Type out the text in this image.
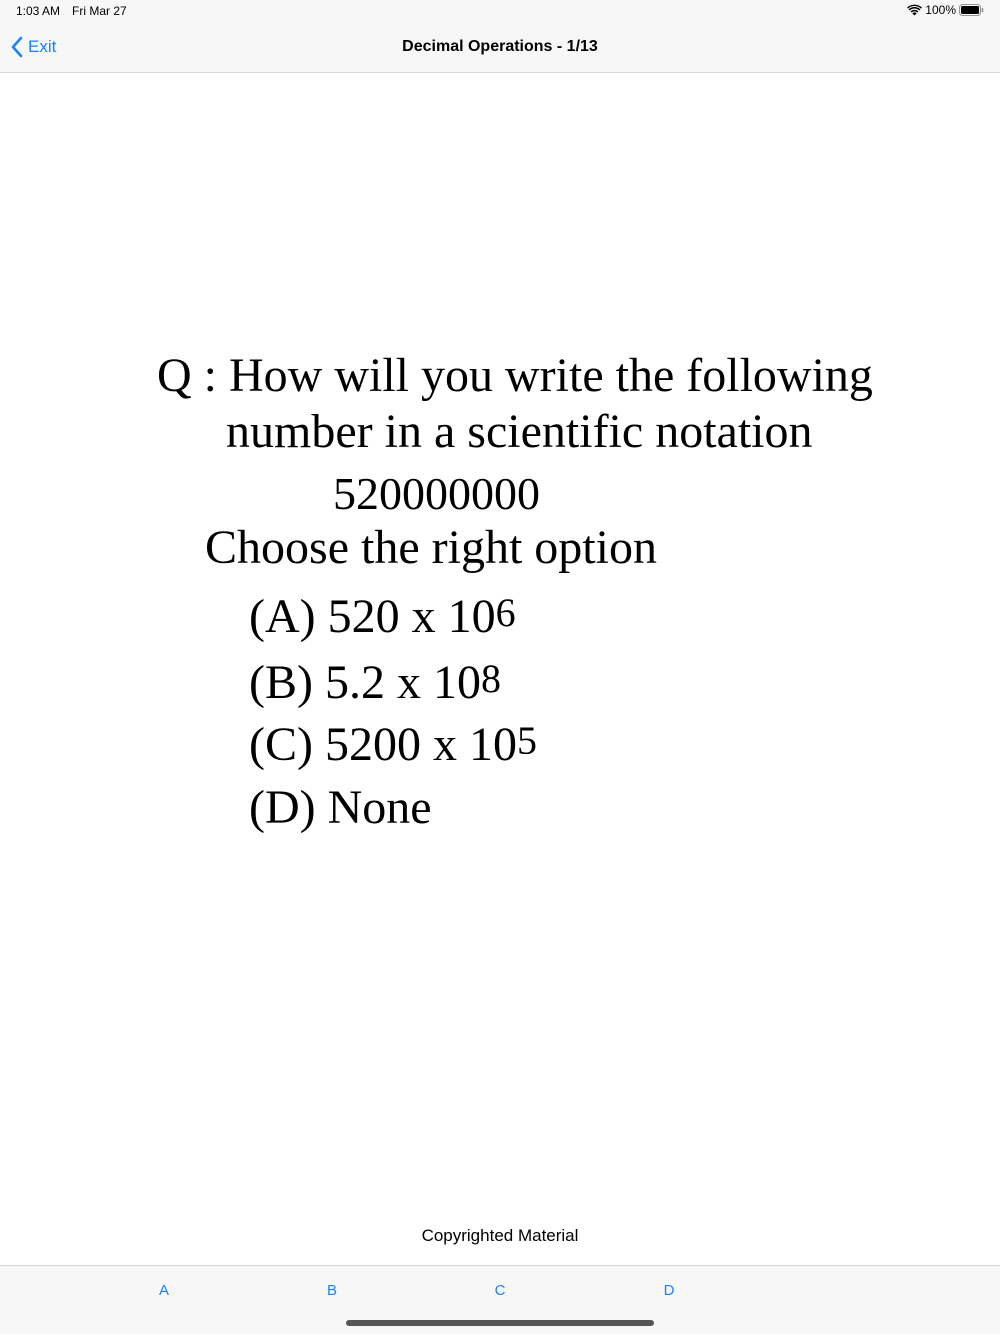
1:03 AM Fri Mar 27	100%
Exit	Decimal Operations - 1/13
Q : How will you write the following
number in a scientific notation
520000000
Choose the right option
(A) 520 x $10^6$
(B) 5.2 x $10^8$
(C) 5200 x $10^5$
(D) None
Copyrighted Material
A	B	C	D
